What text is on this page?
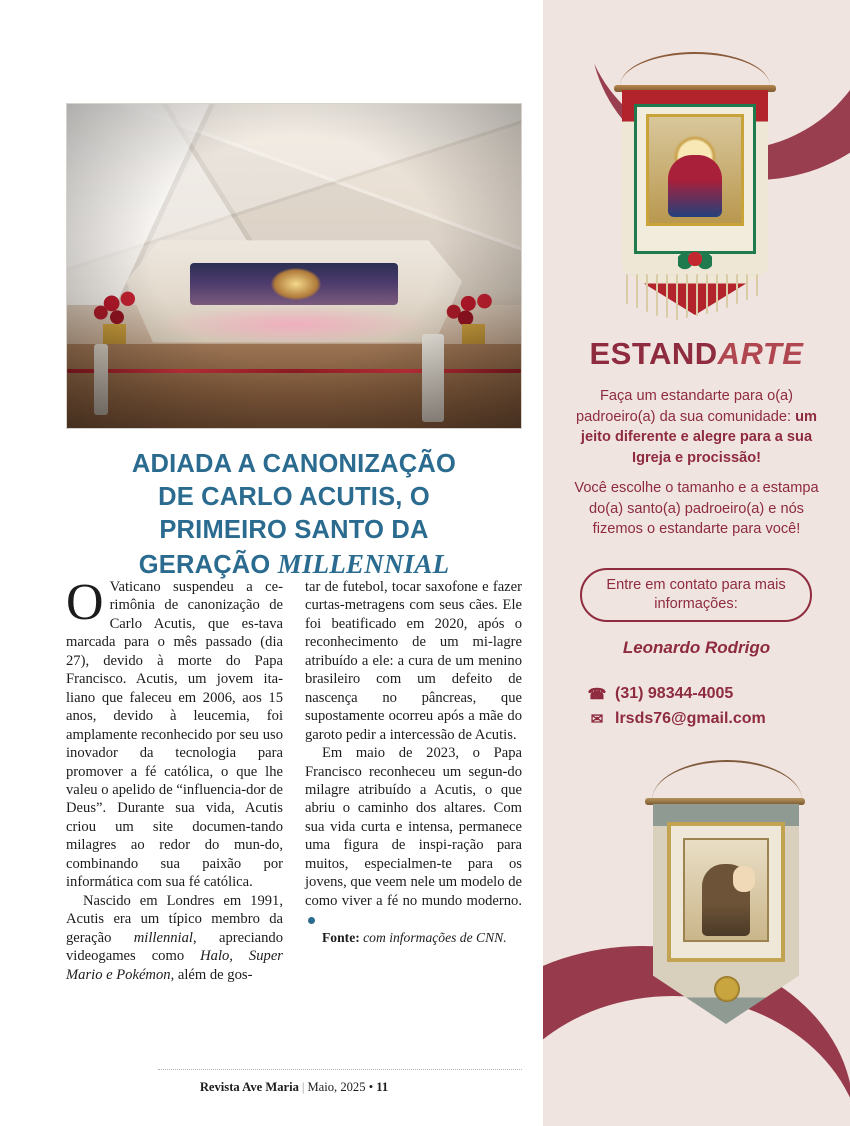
ADIADA A CANONIZAÇÃO
DE CARLO ACUTIS, O
PRIMEIRO SANTO DA
GERAÇÃO MILLENNIAL

O Vaticano suspendeu a ce-rimônia de canonização de Carlo Acutis, que es-tava marcada para o mês passado (dia 27), devido à morte do Papa Francisco. Acutis, um jovem ita-liano que faleceu em 2006, aos 15 anos, devido à leucemia, foi amplamente reconhecido por seu uso inovador da tecnologia para promover a fé católica, o que lhe valeu o apelido de “influencia-dor de Deus”. Durante sua vida, Acutis criou um site documen-tando milagres ao redor do mun-do, combinando sua paixão por informática com sua fé católica.

Nascido em Londres em 1991, Acutis era um típico membro da geração millennial, apreciando videogames como Halo, Super Mario e Pokémon, além de gos-

tar de futebol, tocar saxofone e fazer curtas-metragens com seus cães. Ele foi beatificado em 2020, após o reconhecimento de um mi-lagre atribuído a ele: a cura de um menino brasileiro com um defeito de nascença no pâncreas, que supostamente ocorreu após a mãe do garoto pedir a intercessão de Acutis.

Em maio de 2023, o Papa Francisco reconheceu um segun-do milagre atribuído a Acutis, o que abriu o caminho dos altares. Com sua vida curta e intensa, permanece uma figura de inspi-ração para muitos, especialmen-te para os jovens, que veem nele um modelo de como viver a fé no mundo moderno.

Fonte: com informações de CNN.

Revista Ave Maria | Maio, 2025 • 11
ESTANDARTE

Faça um estandarte para o(a) padroeiro(a) da sua comunidade: um jeito diferente e alegre para a sua Igreja e procissão!

Você escolhe o tamanho e a estampa do(a) santo(a) padroeiro(a) e nós fizemos o estandarte para você!

Entre em contato para mais informações:
Leonardo Rodrigo
☎ (31) 98344-4005
✉ lrsds76@gmail.com
